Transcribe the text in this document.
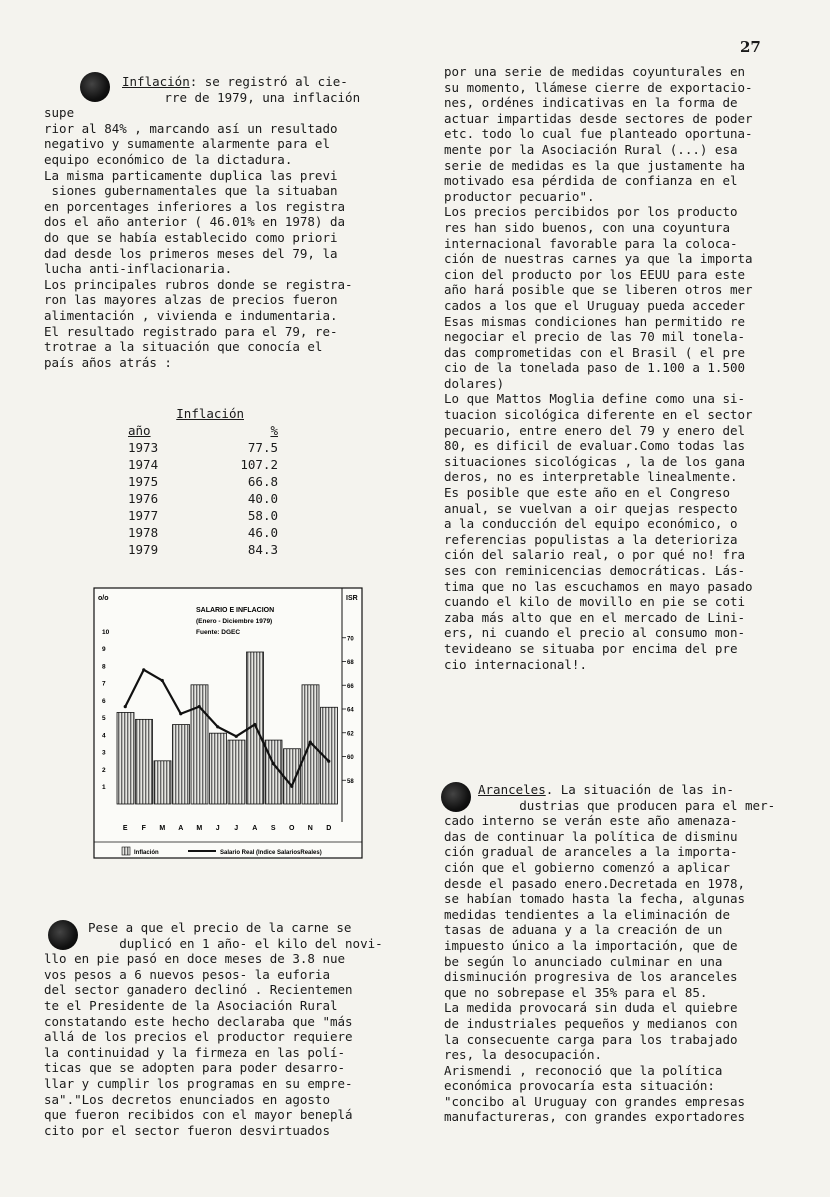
27

Inflación: se registró al cie-
rre de 1979, una inflación supe
rior al 84% , marcando así un resultado
negativo y sumamente alarmente para el
equipo económico de la dictadura.

La misma particamente duplica las previ
siones gubernamentales que la situaban
en porcentages inferiores a los registra
dos el año anterior ( 46.01% en 1978) da
do que se había establecido como priori
dad desde los primeros meses del 79, la
lucha anti-inflacionaria.

Los principales rubros donde se registra-
ron las mayores alzas de precios fueron
alimentación , vivienda e indumentaria.
El resultado registrado para el 79, re-
trotrae a la situación que conocía el
país años atrás :

Inflación	
año	%
1973	77.5
1974	107.2
1975	66.8
1976	40.0
1977	58.0
1978	46.0
1979	84.3
o/o	ISR
SALARIO E INFLACION
(Enero - Diciembre 1979)
Fuente: DGEC
1
2
3
4
5
6
7
8
9
10
58
60
62
64
66
68
70
E F M A M J J A S O N D
Inflación	Salario Real (Indice SalariosReales)

Pese a que el precio de la carne se
duplicó en 1 año- el kilo del novi-
llo en pie pasó en doce meses de 3.8 nue
vos pesos a 6 nuevos pesos- la euforia
del sector ganadero declinó . Recientemen
te el Presidente de la Asociación Rural
constatando este hecho declaraba que "más
allá de los precios el productor requiere
la continuidad y la firmeza en las polí-
ticas que se adopten para poder desarro-
llar y cumplir los programas en su empre-
sa"."Los decretos enunciados en agosto
que fueron recibidos con el mayor beneplá
cito por el sector fueron desvirtuados

por una serie de medidas coyunturales en
su momento, llámese cierre de exportacio-
nes, ordénes indicativas en la forma de
actuar impartidas desde sectores de poder
etc. todo lo cual fue planteado oportuna-
mente por la Asociación Rural (...) esa
serie de medidas es la que justamente ha
motivado esa pérdida de confianza en el
productor pecuario".

Los precios percibidos por los producto
res han sido buenos, con una coyuntura
internacional favorable para la coloca-
ción de nuestras carnes ya que la importa
cion del producto por los EEUU para este
año hará posible que se liberen otros mer
cados a los que el Uruguay pueda acceder
Esas mismas condiciones han permitido re
negociar el precio de las 70 mil tonela-
das comprometidas con el Brasil ( el pre
cio de la tonelada paso de 1.100 a 1.500
dolares)

Lo que Mattos Moglia define como una si-
tuacion sicológica diferente en el sector
pecuario, entre enero del 79 y enero del
80, es dificil de evaluar.Como todas las
situaciones sicológicas , la de los gana
deros, no es interpretable linealmente.
Es posible que este año en el Congreso
anual, se vuelvan a oir quejas respecto
a la conducción del equipo económico, o
referencias populistas a la deterioriza
ción del salario real, o por qué no! fra
ses con reminicencias democráticas. Lás-
tima que no las escuchamos en mayo pasado
cuando el kilo de movillo en pie se coti
zaba más alto que en el mercado de Lini-
ers, ni cuando el precio al consumo mon-
tevideano se situaba por encima del pre
cio internacional!.

Aranceles. La situación de las in-
dustrias que producen para el mer-
cado interno se verán este año amenaza-
das de continuar la política de disminu
ción gradual de aranceles a la importa-
ción que el gobierno comenzó a aplicar
desde el pasado enero.Decretada en 1978,
se habían tomado hasta la fecha, algunas
medidas tendientes a la eliminación de
tasas de aduana y a la creación de un
impuesto único a la importación, que de
be según lo anunciado culminar en una
disminución progresiva de los aranceles
que no sobrepase el 35% para el 85.
La medida provocará sin duda el quiebre
de industriales pequeños y medianos con
la consecuente carga para los trabajado
res, la desocupación.
Arismendi , reconoció que la política
económica provocaría esta situación:
"concibo al Uruguay con grandes empresas
manufactureras, con grandes exportadores
